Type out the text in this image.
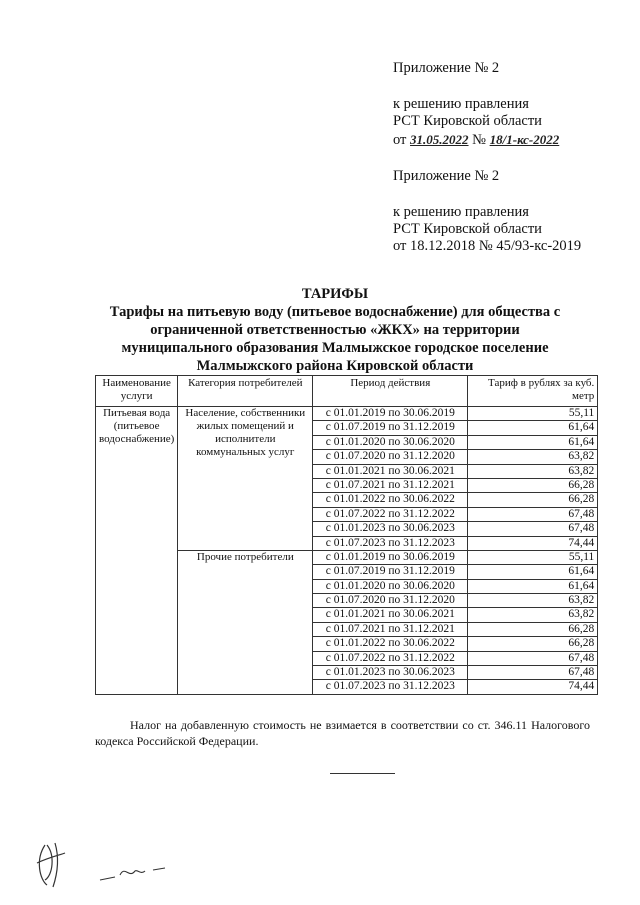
Приложение № 2
к решению правления
РСТ Кировской области
от 31.05.2022 № 18/1-кс-2022
Приложение № 2
к решению правления
РСТ Кировской области
от 18.12.2018 № 45/93-кс-2019
ТАРИФЫ
Тарифы на питьевую воду (питьевое водоснабжение) для общества с
ограниченной ответственностью «ЖКХ» на территории
муниципального образования Малмыжское городское поселение
Малмыжского района Кировской области
Наименование услуги	Категория потребителей	Период действия	Тариф в рублях за куб. метр
Питьевая вода (питьевое водоснабжение)	Население, собственники жилых помещений и исполнители коммунальных услуг	с 01.01.2019 по 30.06.2019	55,11
		с 01.07.2019 по 31.12.2019	61,64
		с 01.01.2020 по 30.06.2020	61,64
		с 01.07.2020 по 31.12.2020	63,82
		с 01.01.2021 по 30.06.2021	63,82
		с 01.07.2021 по 31.12.2021	66,28
		с 01.01.2022 по 30.06.2022	66,28
		с 01.07.2022 по 31.12.2022	67,48
		с 01.01.2023 по 30.06.2023	67,48
		с 01.07.2023 по 31.12.2023	74,44
	Прочие потребители	с 01.01.2019 по 30.06.2019	55,11
		с 01.07.2019 по 31.12.2019	61,64
		с 01.01.2020 по 30.06.2020	61,64
		с 01.07.2020 по 31.12.2020	63,82
		с 01.01.2021 по 30.06.2021	63,82
		с 01.07.2021 по 31.12.2021	66,28
		с 01.01.2022 по 30.06.2022	66,28
		с 01.07.2022 по 31.12.2022	67,48
		с 01.01.2023 по 30.06.2023	67,48
		с 01.07.2023 по 31.12.2023	74,44
Налог на добавленную стоимость не взимается в соответствии со ст. 346.11 Налогового кодекса Российской Федерации.
